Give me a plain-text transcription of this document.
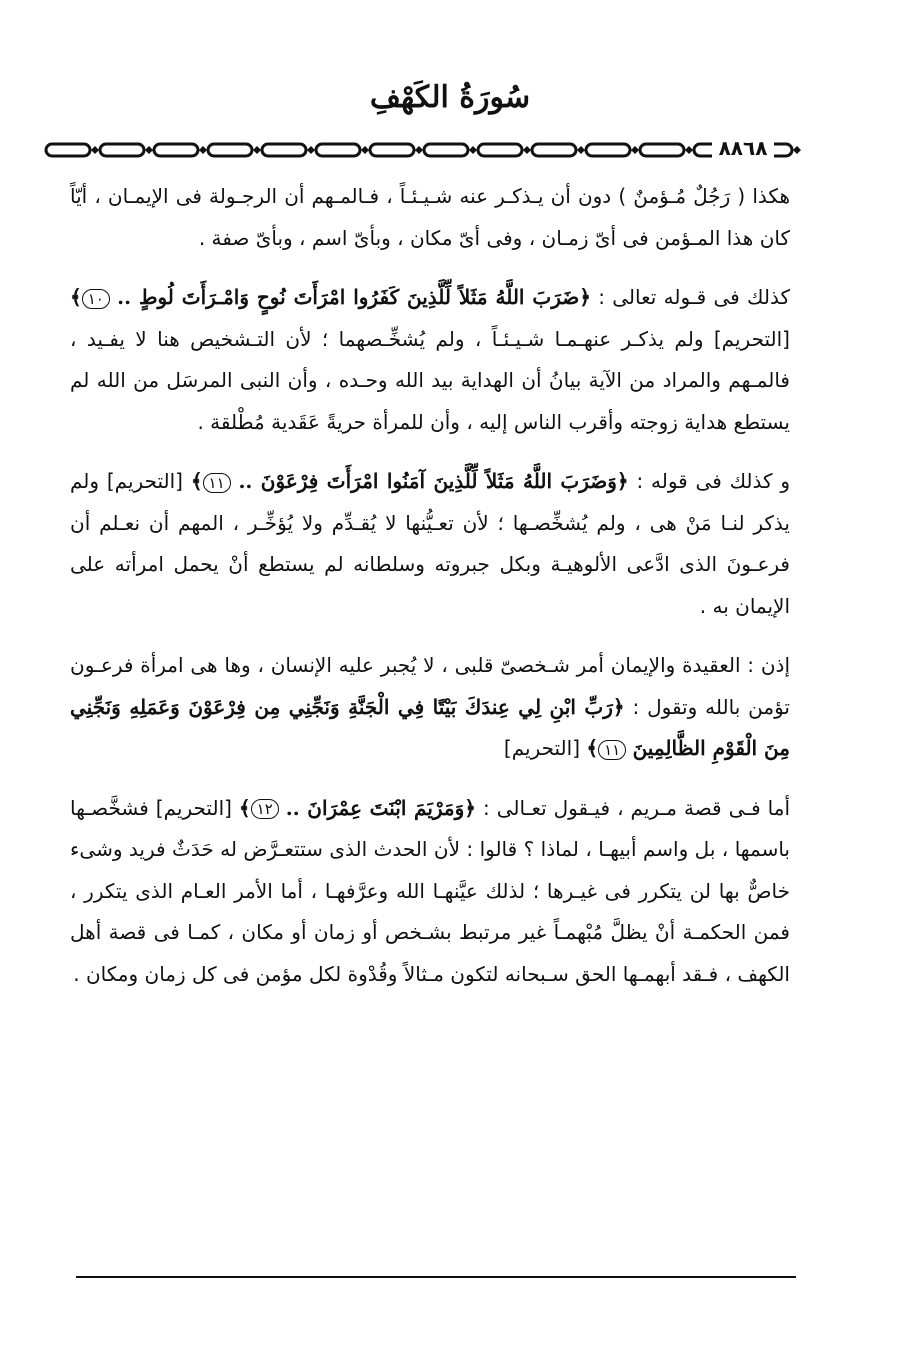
سُورَةُ الكَهْفِ
٨٨٦٨

هكذا ( رَجُلٌ مُـؤمنٌ ) دون أن يـذكـر عنه شـيـئـاً ، فـالمـهم أن الرجـولة فى الإيمـان ، أيّاً كان هذا المـؤمن فى أىّ زمـان ، وفى أىّ مكان ، وبأىّ اسم ، وبأىّ صفة .

كذلك فى قـوله تعالى : ﴿ضَرَبَ اللَّهُ مَثَلاً لِّلَّذِينَ كَفَرُوا امْرَأَتَ نُوحٍ وَامْـرَأَتَ لُوطٍ .. ١٠﴾ [التحريم] ولم يذكـر عنهـمـا شـيـئـاً ، ولم يُشخِّـصهما ؛ لأن التـشخيص هنا لا يفـيد ، فالمـهم والمراد من الآية بيانُ أن الهداية بيد الله وحـده ، وأن النبى المرسَل من الله لم يستطع هداية زوجته وأقرب الناس إليه ، وأن للمرأة حريةً عَقَدية مُطْلقة .

و كذلك فى قوله : ﴿وَضَرَبَ اللَّهُ مَثَلاً لِّلَّذِينَ آمَنُوا امْرَأَتَ فِرْعَوْنَ .. ١١﴾ [التحريم] ولم يذكر لنـا مَنْ هى ، ولم يُشخِّصـها ؛ لأن تعـيُّنها لا يُقـدِّم ولا يُؤخِّـر ، المهم أن نعـلم أن فرعـونَ الذى ادَّعى الألوهيـة وبكل جبروته وسلطانه لم يستطع أنْ يحمل امرأته على الإيمان به .

إذن : العقيدة والإيمان أمر شـخصىّ قلبى ، لا يُجبر عليه الإنسان ، وها هى امرأة فرعـون تؤمن بالله وتقول : ﴿رَبِّ ابْنِ لِي عِندَكَ بَيْتًا فِي الْجَنَّةِ وَنَجِّنِي مِن فِرْعَوْنَ وَعَمَلِهِ وَنَجِّنِي مِنَ الْقَوْمِ الظَّالِمِينَ ١١﴾ [التحريم]

أما فـى قصة مـريم ، فيـقول تعـالى : ﴿وَمَرْيَمَ ابْنَتَ عِمْرَانَ .. ١٢﴾ [التحريم] فشخَّصـها باسمها ، بل واسم أبيهـا ، لماذا ؟ قالوا : لأن الحدث الذى ستتعـرَّض له حَدَثٌ فريد وشىء خاصٌّ بها لن يتكرر فى غيـرها ؛ لذلك عيَّنهـا الله وعرَّفهـا ، أما الأمر العـام الذى يتكرر ، فمن الحكمـة أنْ يظلَّ مُبْهمـاً غير مرتبط بشـخص أو زمان أو مكان ، كمـا فى قصة أهل الكهف ، فـقد أبهمـها الحق سـبحانه لتكون مـثالاً وقُدْوة لكل مؤمن فى كل زمان ومكان .
